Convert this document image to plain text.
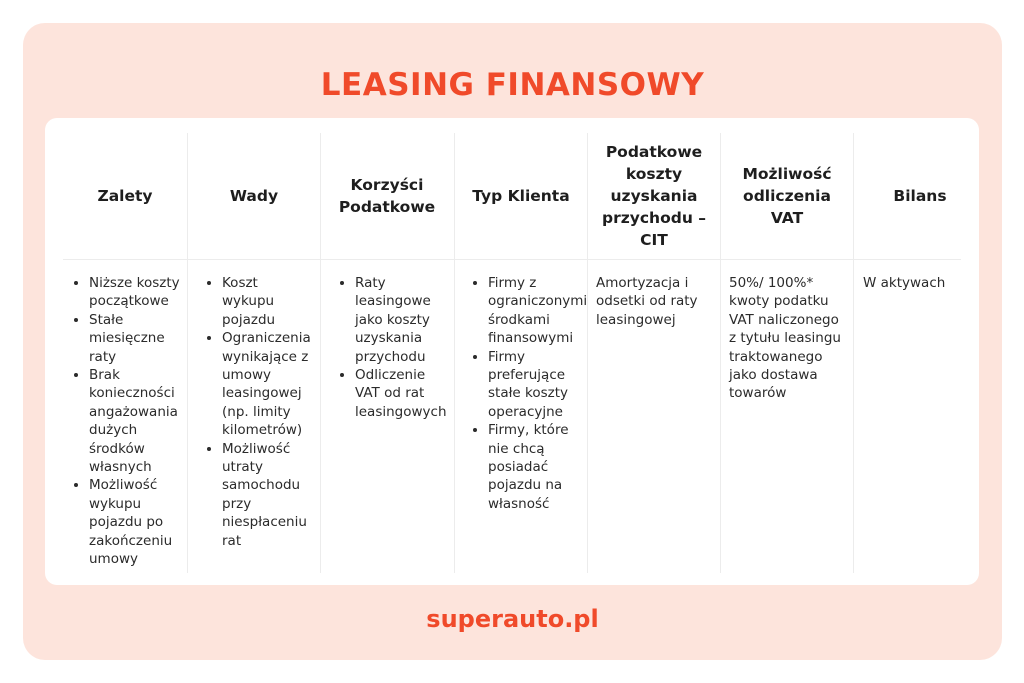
LEASING FINANSOWY
Zalety	Wady
Korzyści Podatkowe
Typ Klienta
Podatkowe koszty uzyskania przychodu – CIT
Możliwość odliczenia VAT
Bilans
• Niższe koszty początkowe
• Stałe miesięczne raty
• Brak konieczności angażowania dużych środków własnych
• Możliwość wykupu pojazdu po zakończeniu umowy
• Koszt wykupu pojazdu
• Ograniczenia wynikające z umowy leasingowej (np. limity kilometrów)
• Możliwość utraty samochodu przy niespłaceniu rat
• Raty leasingowe jako koszty uzyskania przychodu
• Odliczenie VAT od rat leasingowych
• Firmy z ograniczonymi środkami finansowymi
• Firmy preferujące stałe koszty operacyjne
• Firmy, które nie chcą posiadać pojazdu na własność

Amortyzacja i odsetki od raty leasingowej

50%/ 100%* kwoty podatku VAT naliczonego z tytułu leasingu traktowanego jako dostawa towarów

W aktywach

superauto.pl
